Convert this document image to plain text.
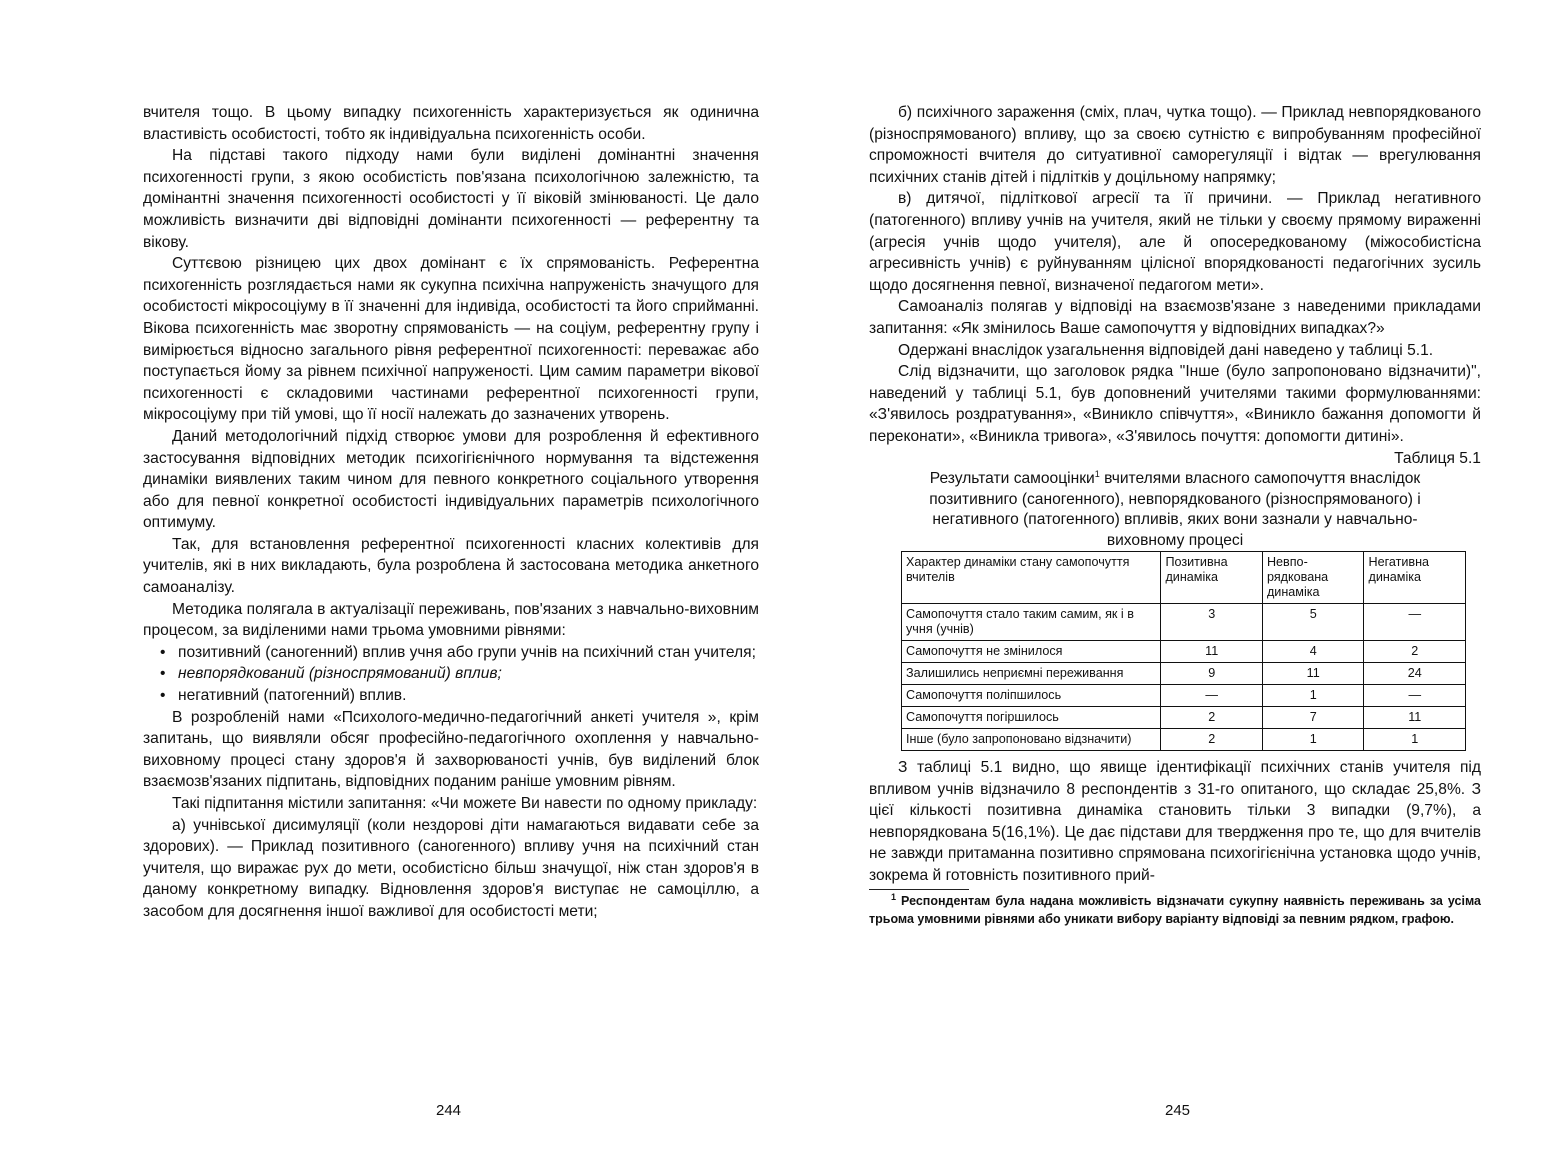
вчителя тощо. В цьому випадку психогенність характеризується як одинична властивість особистості, тобто як індивідуальна психогенність особи.

На підставі такого підходу нами були виділені домінантні значення психогенності групи, з якою особистість пов'язана психологічною залежністю, та домінантні значення психогенності особистості у її віковій змінюваності. Це дало можливість визначити дві відповідні домінанти психогенності — референтну та вікову.

Суттєвою різницею цих двох домінант є їх спрямованість. Референтна психогенність розглядається нами як сукупна психічна напруженість значущого для особистості мікросоціуму в її значенні для індивіда, особистості та його сприйманні. Вікова психогенність має зворотну спрямованість — на соціум, референтну групу і вимірюється відносно загального рівня референтної психогенності: переважає або поступається йому за рівнем психічної напруженості. Цим самим параметри вікової психогенності є складовими частинами референтної психогенності групи, мікросоціуму при тій умові, що її носії належать до зазначених утворень.

Даний методологічний підхід створює умови для розроблення й ефективного застосування відповідних методик психогігієнічного нормування та відстеження динаміки виявлених таким чином для певного конкретного соціального утворення або для певної конкретної особистості індивідуальних параметрів психологічного оптимуму.

Так, для встановлення референтної психогенності класних колективів для учителів, які в них викладають, була розроблена й застосована методика анкетного самоаналізу.

Методика полягала в актуалізації переживань, пов'язаних з навчально-виховним процесом, за виділеними нами трьома умовними рівнями:

• позитивний (саногенний) вплив учня або групи учнів на психічний стан учителя;
• невпорядкований (різноспрямований) вплив;
• негативний (патогенний) вплив.

В розробленій нами «Психолого-медично-педагогічний анкеті учителя », крім запитань, що виявляли обсяг професійно-педагогічного охоплення у навчально-виховному процесі стану здоров'я й захворюваності учнів, був виділений блок взаємозв'язаних підпитань, відповідних поданим раніше умовним рівням.

Такі підпитання містили запитання: «Чи можете Ви навести по одному прикладу:

а) учнівської дисимуляції (коли нездорові діти намагаються видавати себе за здорових). — Приклад позитивного (саногенного) впливу учня на психічний стан учителя, що виражає рух до мети, особистісно більш значущої, ніж стан здоров'я в даному конкретному випадку. Відновлення здоров'я виступає не самоціллю, а засобом для досягнення іншої важливої для особистості мети;

244

б) психічного зараження (сміх, плач, чутка тощо). — Приклад невпорядкованого (різноспрямованого) впливу, що за своєю сутністю є випробуванням професійної спроможності вчителя до ситуативної саморегуляції і відтак — врегулювання психічних станів дітей і підлітків у доцільному напрямку;

в) дитячої, підліткової агресії та її причини. — Приклад негативного (патогенного) впливу учнів на учителя, який не тільки у своєму прямому вираженні (агресія учнів щодо учителя), але й опосередкованому (міжособистісна агресивність учнів) є руйнуванням цілісної впорядкованості педагогічних зусиль щодо досягнення певної, визначеної педагогом мети».

Самоаналіз полягав у відповіді на взаємозв'язане з наведеними прикладами запитання: «Як змінилось Ваше самопочуття у відповідних випадках?»

Одержані внаслідок узагальнення відповідей дані наведено у таблиці 5.1.

Слід відзначити, що заголовок рядка "Інше (було запропоновано відзначити)", наведений у таблиці 5.1, був доповнений учителями такими формулюваннями: «З'явилось роздратування», «Виникло співчуття», «Виникло бажання допомогти й переконати», «Виникла тривога», «З'явилось почуття: допомогти дитині».

Таблиця 5.1

Результати самооцінки$^1$ вчителями власного самопочуття внаслідок позитивниго (саногенного), невпорядкованого (різноспрямованого) і негативного (патогенного) впливів, яких вони зазнали у навчально-виховному процесі

Характер динаміки стану самопочуття вчителів	Позитивна динаміка	Невпо-рядкована динаміка	Негативна динаміка
Самопочуття стало таким самим, як і в учня (учнів)	3	5	—
Самопочуття не змінилося	11	4	2
Залишились неприємні переживання	9	11	24
Самопочуття поліпшилось	—	1	—
Самопочуття погіршилось	2	7	11
Інше (було запропоновано відзначити)	2	1	1

З таблиці 5.1 видно, що явище ідентифікації психічних станів учителя під впливом учнів відзначило 8 респондентів з 31-го опитаного, що складає 25,8%. З цієї кількості позитивна динаміка становить тільки 3 випадки (9,7%), а невпорядкована 5(16,1%). Це дає підстави для твердження про те, що для вчителів не завжди притаманна позитивно спрямована психогігієнічна установка щодо учнів, зокрема й готовність позитивного прий-

$^1$ Респондентам була надана можливість відзначати сукупну наявність переживань за усіма трьома умовними рівнями або уникати вибору варіанту відповіді за певним рядком, графою.

245
